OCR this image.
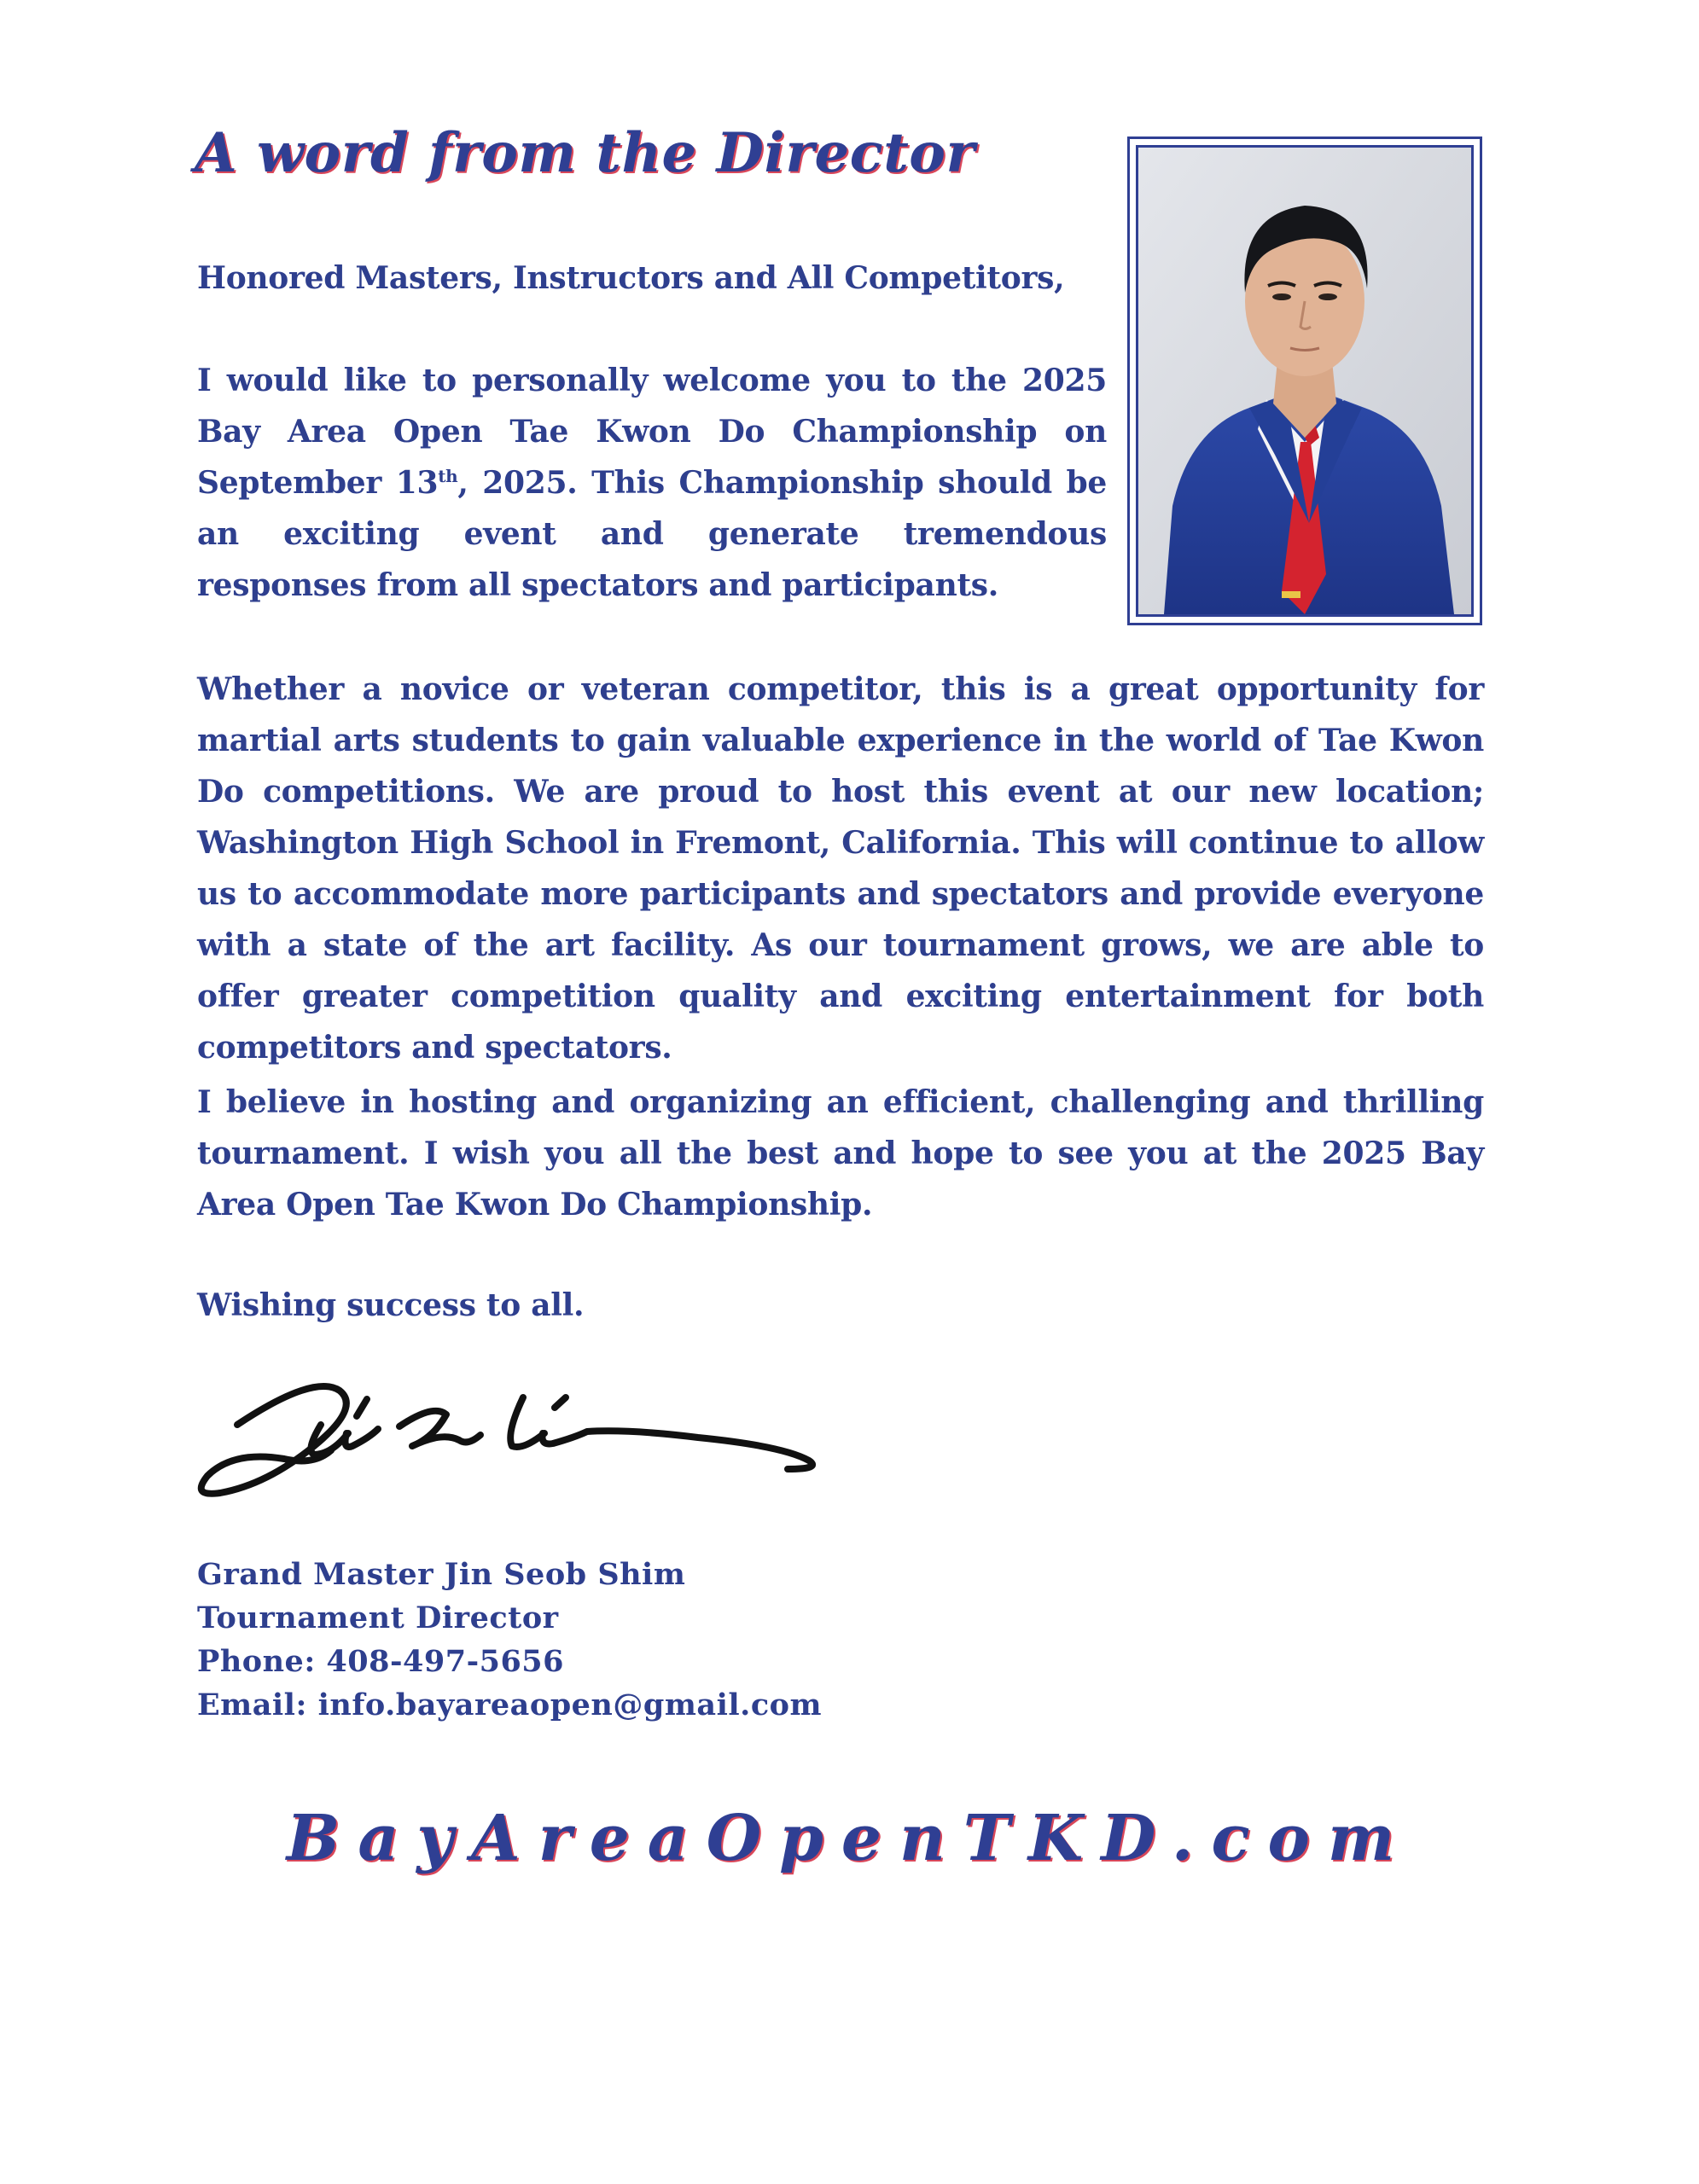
A word from the Director

Honored Masters, Instructors and All Competitors,

I would like to personally welcome you to the 2025 Bay Area Open Tae Kwon Do Championship on September 13th, 2025. This Championship should be an exciting event and generate tremendous responses from all spectators and participants.

Whether a novice or veteran competitor, this is a great opportunity for martial arts students to gain valuable experience in the world of Tae Kwon Do competitions. We are proud to host this event at our new location; Washington High School in Fremont, California. This will continue to allow us to accommodate more participants and spectators and provide everyone with a state of the art facility. As our tournament grows, we are able to offer greater competition quality and exciting entertainment for both competitors and spectators.

I believe in hosting and organizing an efficient, challenging and thrilling tournament. I wish you all the best and hope to see you at the 2025 Bay Area Open Tae Kwon Do Championship.

Wishing success to all.

Grand Master Jin Seob Shim
Tournament Director
Phone: 408-497-5656
Email: info.bayareaopen@gmail.com
BayAreaOpenTKD.com
